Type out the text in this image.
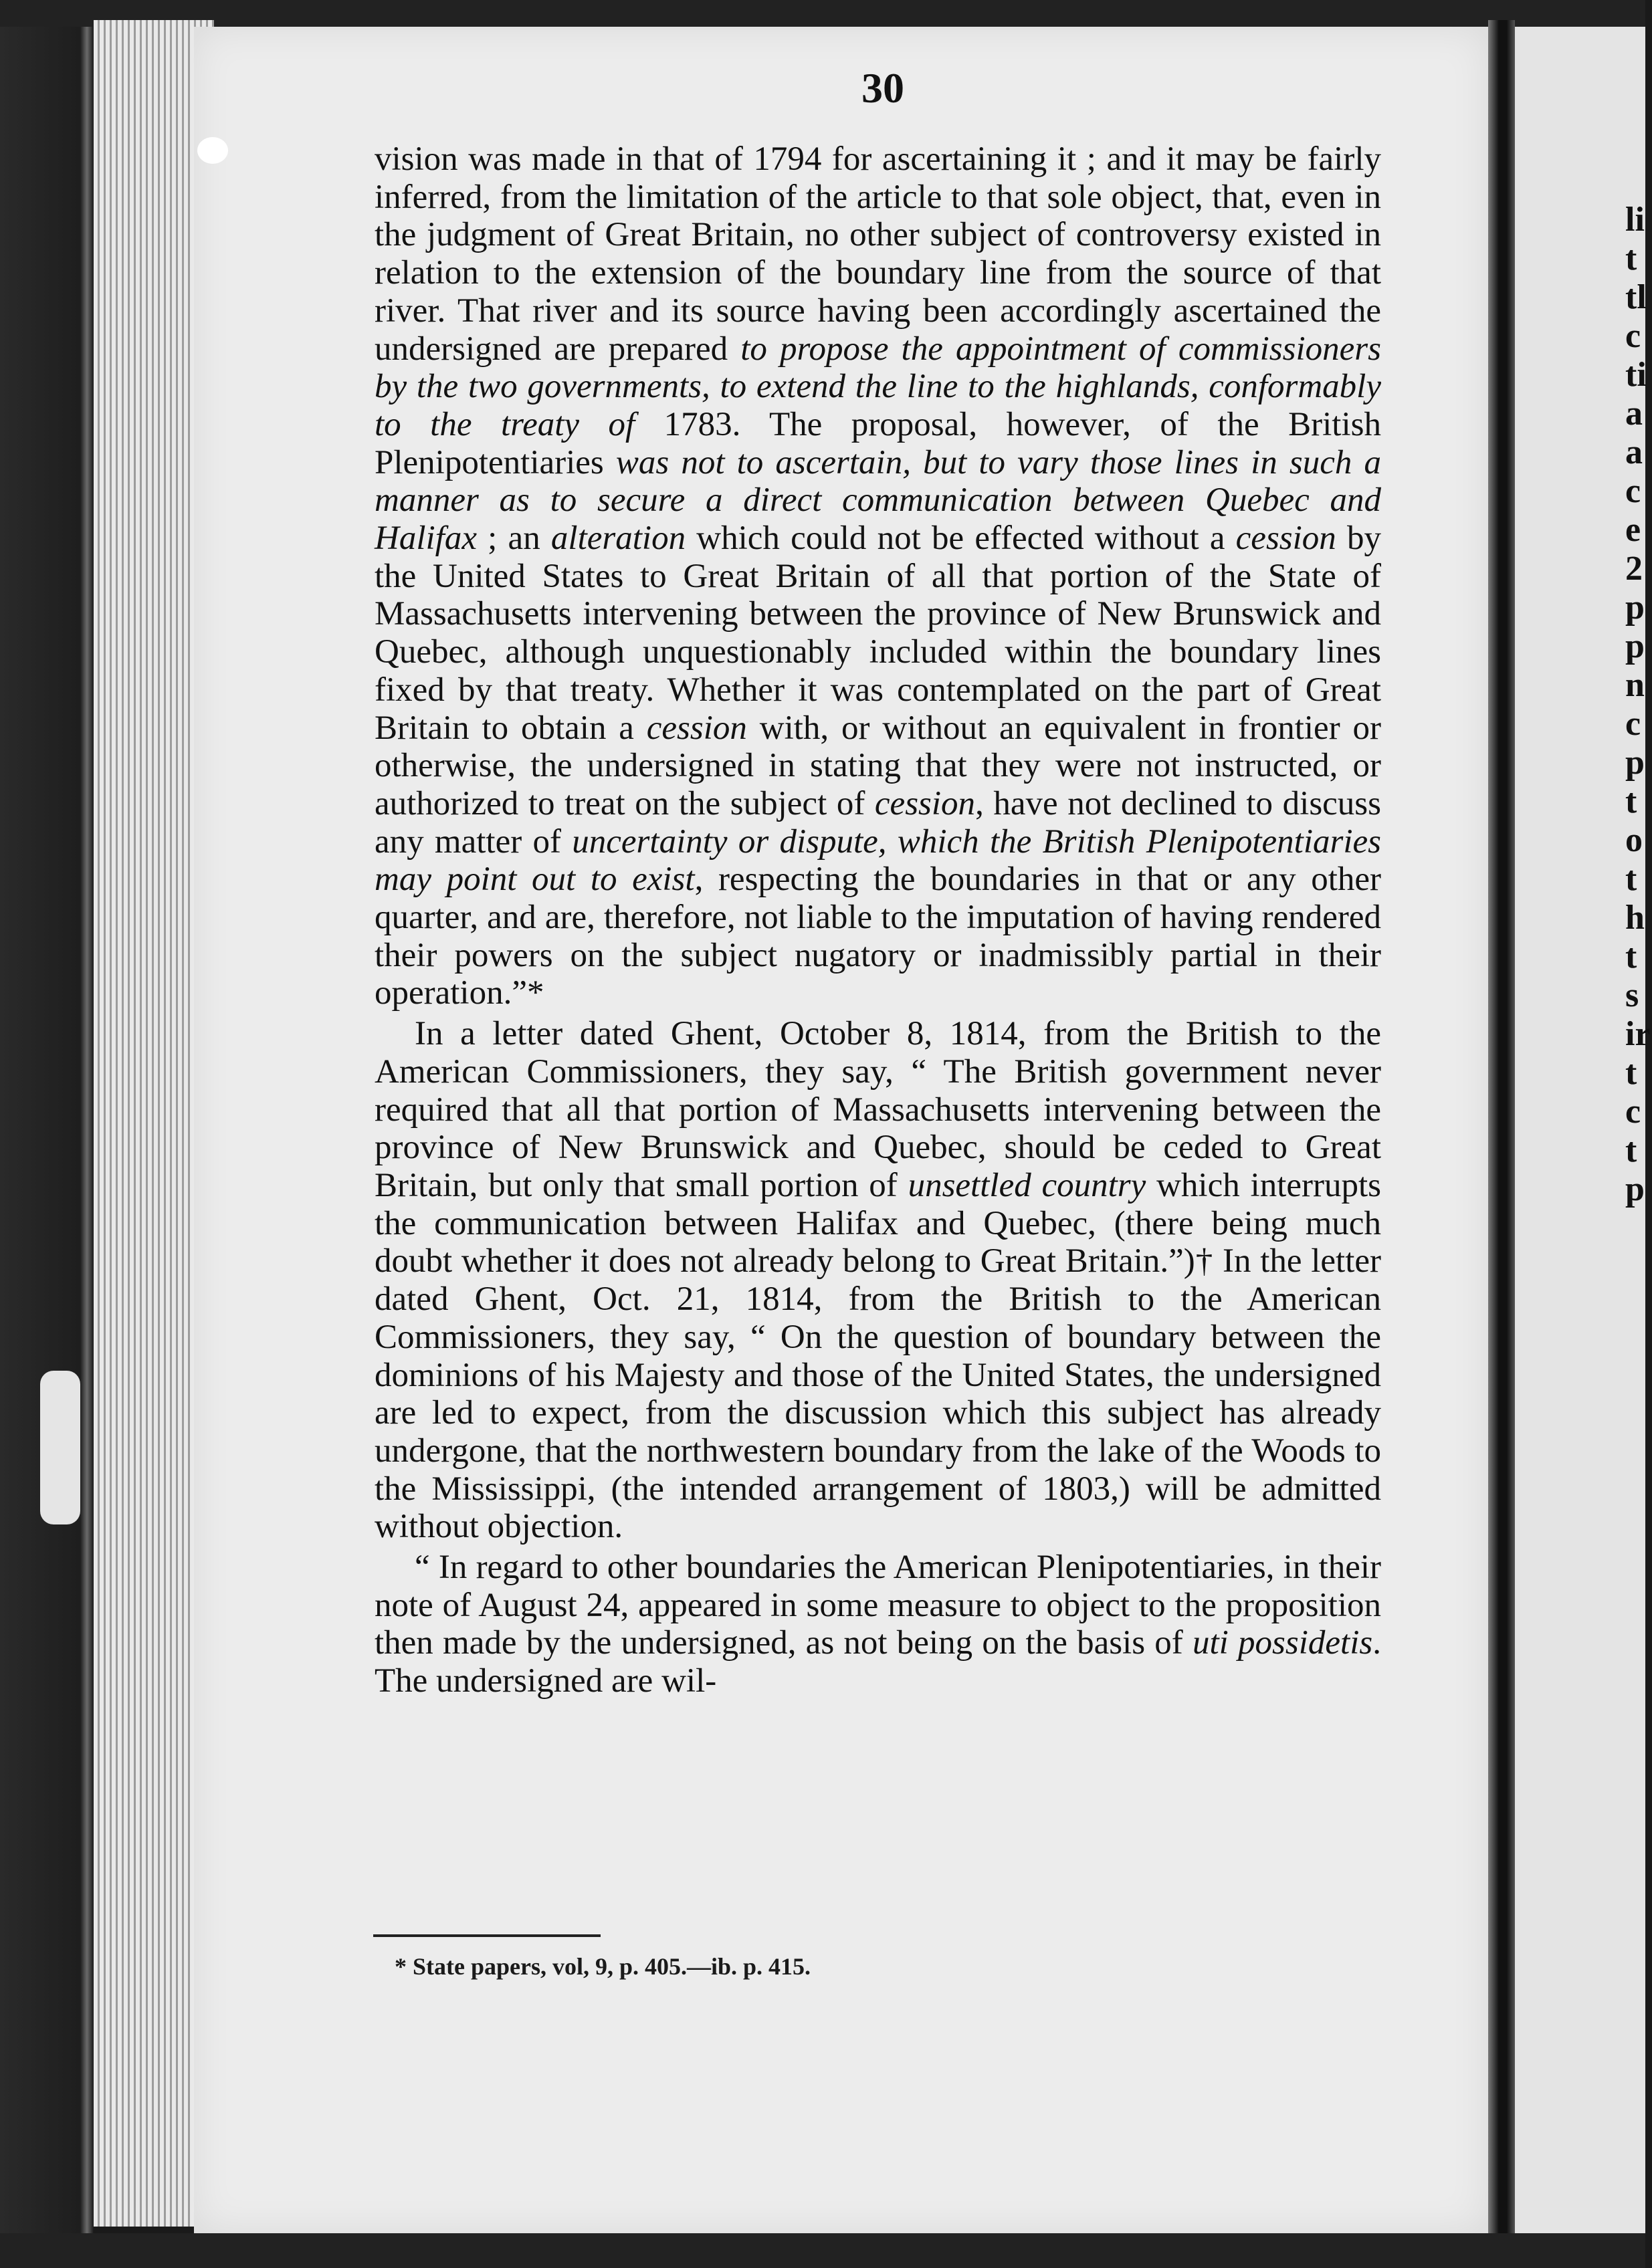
li
t
tl
c
ti
a
a
c
e
2
p
p
n
c
p
t
o
t
h
t
s
ir
t
c
t
p
30

vision was made in that of 1794 for ascertaining it ; and it may be fairly inferred, from the limitation of the article to that sole object, that, even in the judgment of Great Britain, no other subject of controversy existed in relation to the extension of the boundary line from the source of that river. That river and its source having been accordingly ascertained the undersigned are prepared to propose the appointment of commissioners by the two governments, to extend the line to the highlands, conformably to the treaty of 1783. The proposal, however, of the British Plenipotentiaries was not to ascertain, but to vary those lines in such a manner as to secure a direct communication between Quebec and Halifax ; an alteration which could not be effected without a cession by the United States to Great Britain of all that portion of the State of Massachusetts intervening between the province of New Brunswick and Quebec, although unquestionably included within the boundary lines fixed by that treaty. Whether it was contemplated on the part of Great Britain to obtain a cession with, or without an equivalent in frontier or otherwise, the undersigned in stating that they were not instructed, or authorized to treat on the subject of cession, have not declined to discuss any matter of uncertainty or dispute, which the British Plenipotentiaries may point out to exist, respecting the boundaries in that or any other quarter, and are, therefore, not liable to the imputation of having rendered their powers on the subject nugatory or inadmissibly partial in their operation.”*

In a letter dated Ghent, October 8, 1814, from the British to the American Commissioners, they say, “ The British government never required that all that portion of Massachusetts intervening between the province of New Brunswick and Quebec, should be ceded to Great Britain, but only that small portion of unsettled country which interrupts the communication between Halifax and Quebec, (there being much doubt whether it does not already belong to Great Britain.”)† In the letter dated Ghent, Oct. 21, 1814, from the British to the American Commissioners, they say, “ On the question of boundary between the dominions of his Majesty and those of the United States, the undersigned are led to expect, from the discussion which this subject has already undergone, that the northwestern boundary from the lake of the Woods to the Mississippi, (the intended arrangement of 1803,) will be admitted without objection.

“ In regard to other boundaries the American Plenipotentiaries, in their note of August 24, appeared in some measure to object to the proposition then made by the undersigned, as not being on the basis of uti possidetis. The undersigned are wil-

* State papers, vol, 9, p. 405.—ib. p. 415.
